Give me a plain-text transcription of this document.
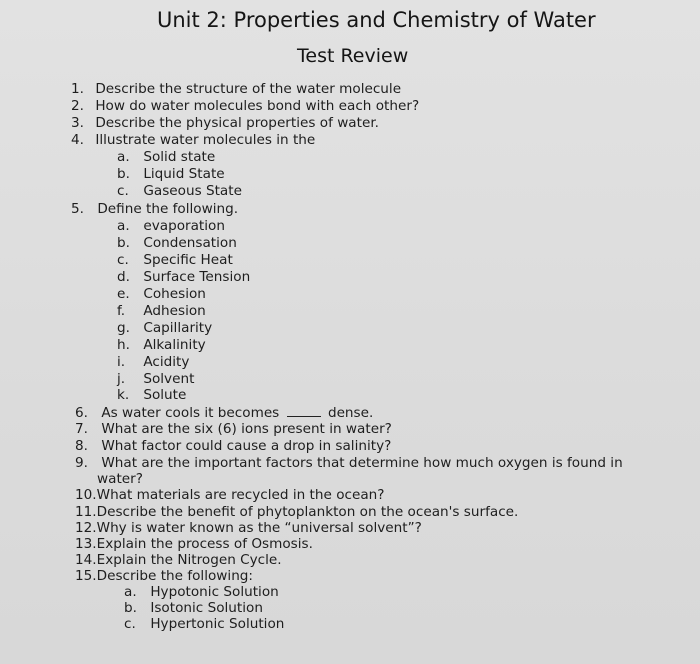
Unit 2: Properties and Chemistry of Water
Test Review
1. Describe the structure of the water molecule
2. How do water molecules bond with each other?
3. Describe the physical properties of water.
4. Illustrate water molecules in the
a. Solid state
b. Liquid State
c. Gaseous State
5. Define the following.
a. evaporation
b. Condensation
c. Specific Heat
d. Surface Tension
e. Cohesion
f. Adhesion
g. Capillarity
h. Alkalinity
i. Acidity
j. Solvent
k. Solute
6. As water cools it becomes	dense.
7. What are the six (6) ions present in water?
8. What factor could cause a drop in salinity?
9. What are the important factors that determine how much oxygen is found in
water?
10.What materials are recycled in the ocean?
11.Describe the benefit of phytoplankton on the ocean's surface.
12.Why is water known as the “universal solvent”?
13.Explain the process of Osmosis.
14.Explain the Nitrogen Cycle.
15.Describe the following:
a. Hypotonic Solution
b. Isotonic Solution
c. Hypertonic Solution
